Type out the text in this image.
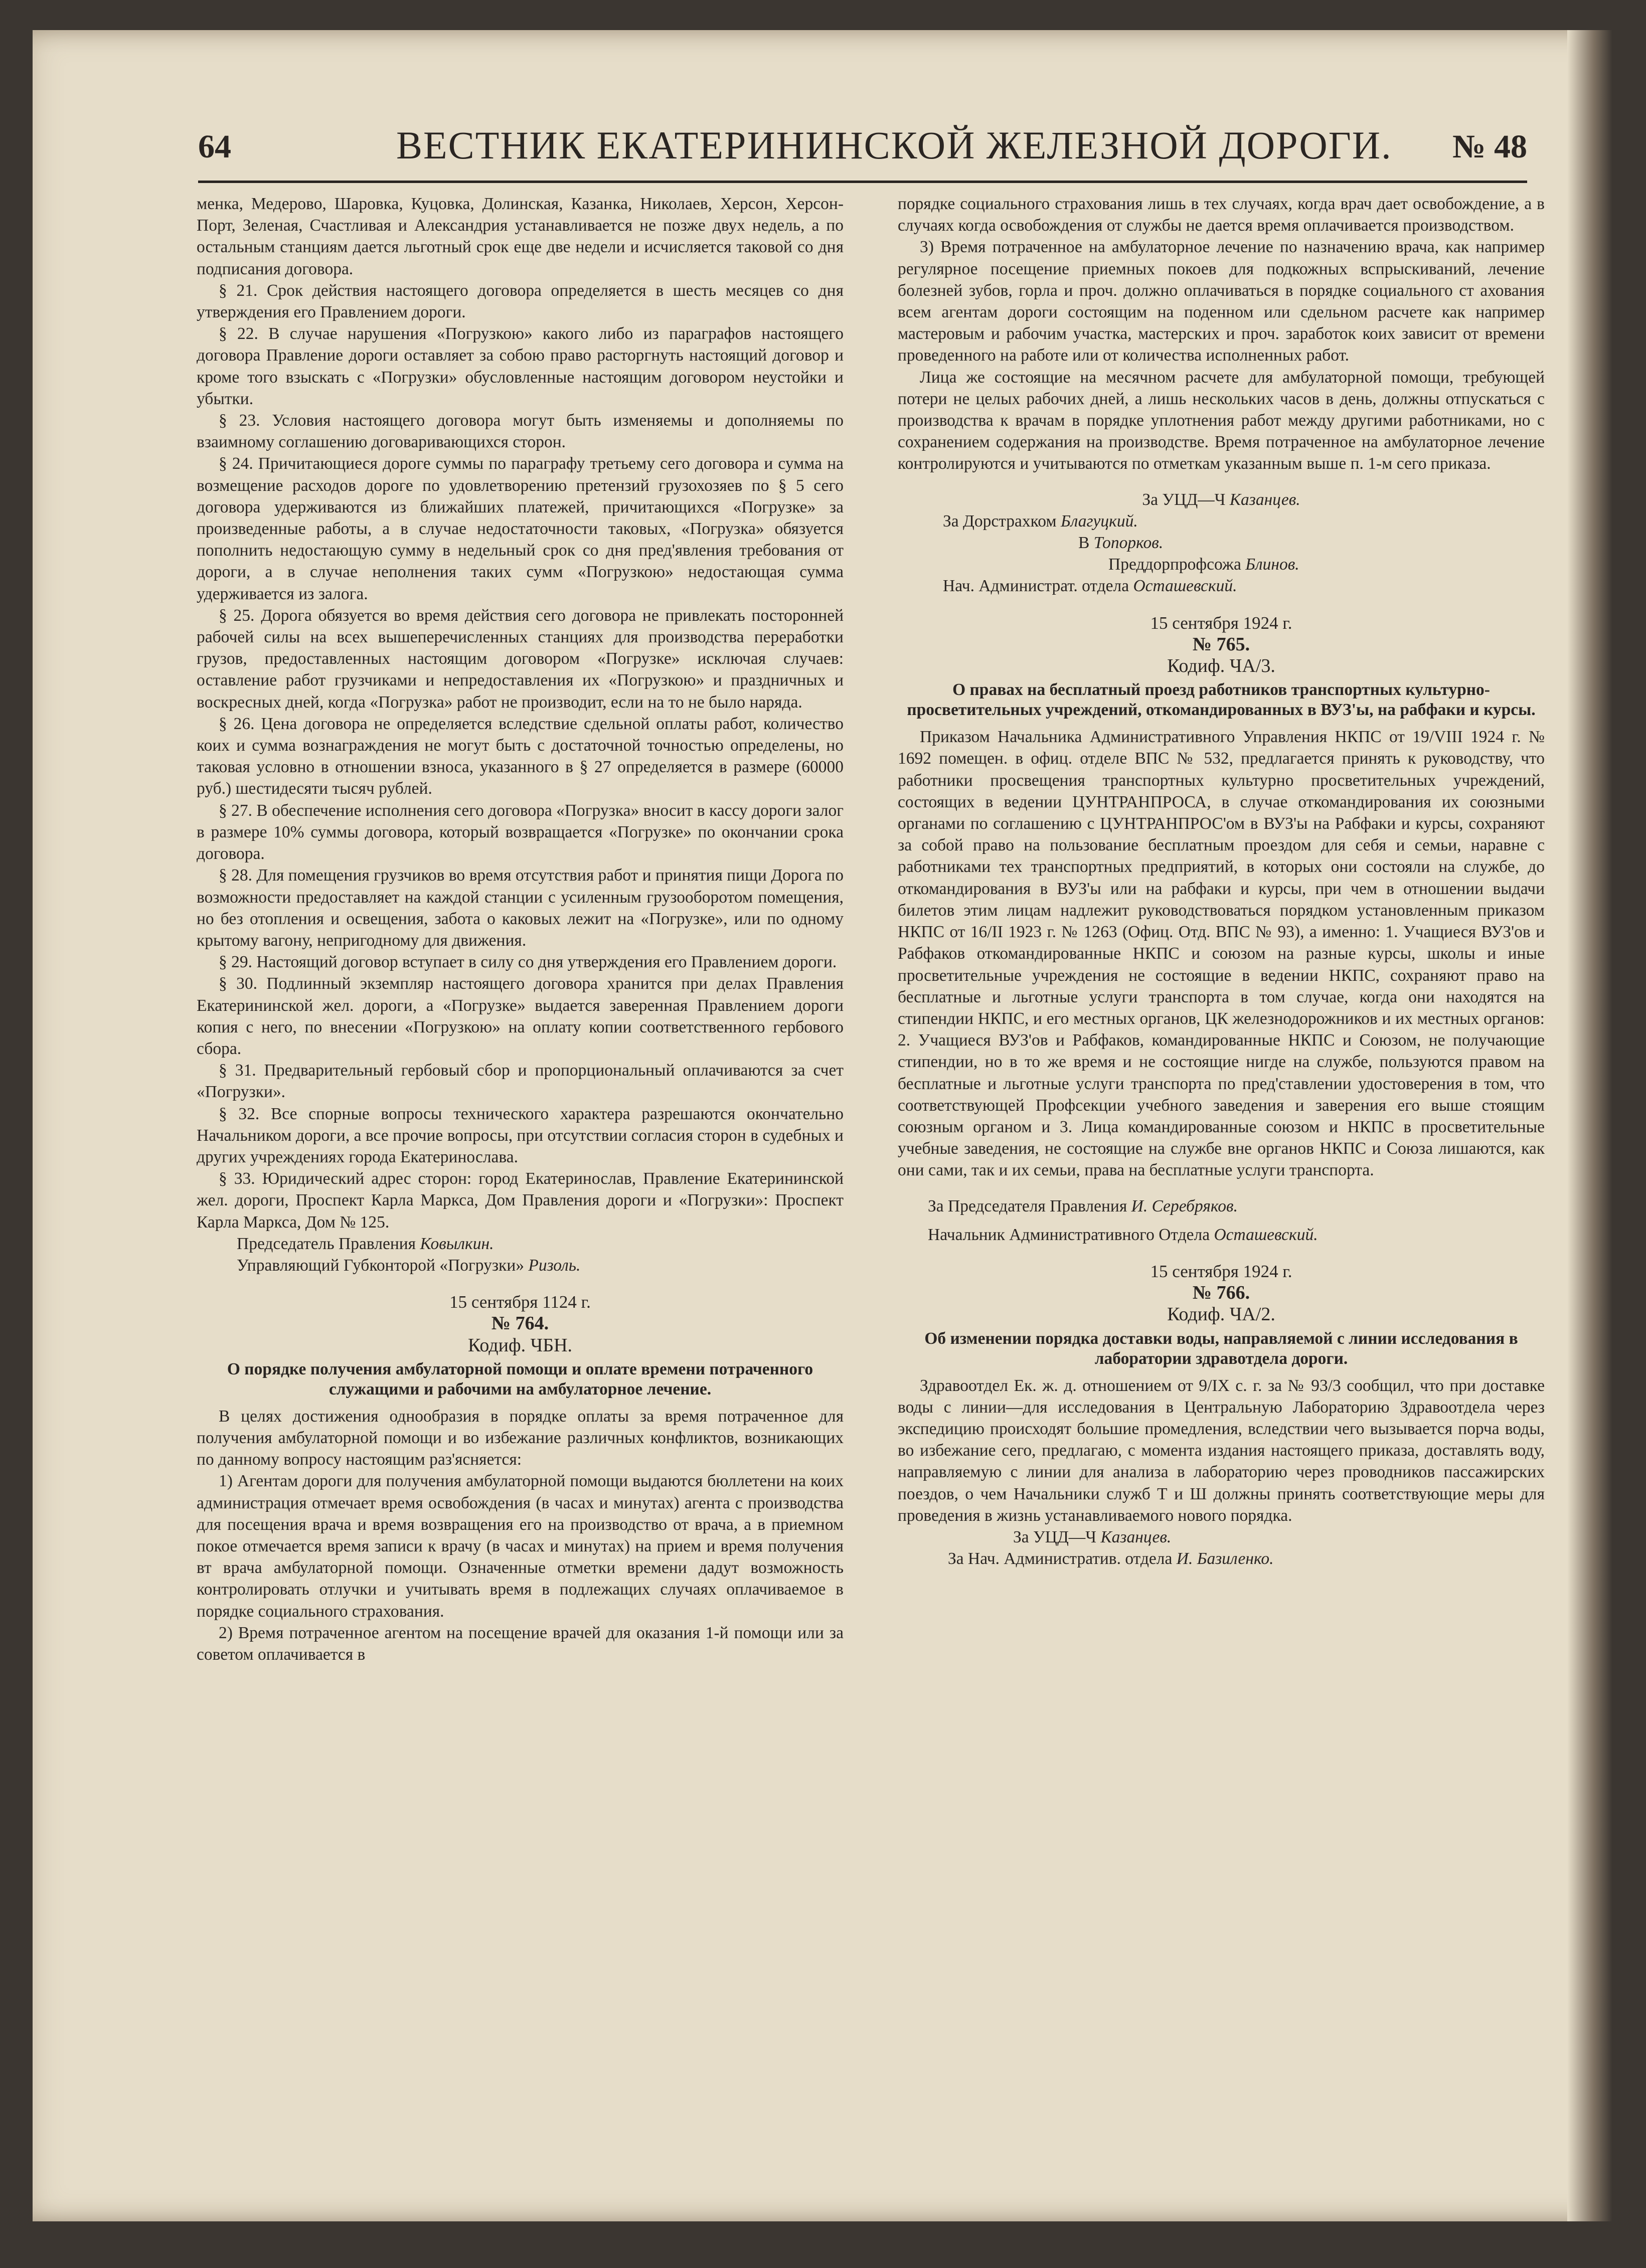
64	ВЕСТНИК ЕКАТЕРИНИНСКОЙ ЖЕЛЕЗНОЙ ДОРОГИ. № 48

менка, Медерово, Шаровка, Куцовка, Долинская, Казанка, Николаев, Херсон, Херсон-Порт, Зеленая, Счастливая и Александрия устанавливается не позже двух недель, а по остальным станциям дается льготный срок еще две недели и исчисляется таковой со дня подписания договора.

§ 21. Срок действия настоящего договора определяется в шесть месяцев со дня утверждения его Правлением дороги.

§ 22. В случае нарушения «Погрузкою» какого либо из параграфов настоящего договора Правление дороги оставляет за собою право расторгнуть настоящий договор и кроме того взыскать с «Погрузки» обусловленные настоящим договором неустойки и убытки.

§ 23. Условия настоящего договора могут быть изменяемы и дополняемы по взаимному соглашению договаривающихся сторон.

§ 24. Причитающиеся дороге суммы по параграфу третьему сего договора и сумма на возмещение расходов дороге по удовлетворению претензий грузохозяев по § 5 сего договора удерживаются из ближайших платежей, причитающихся «Погрузке» за произведенные работы, а в случае недостаточности таковых, «Погрузка» обязуется пополнить недостающую сумму в недельный срок со дня пред'явления требования от дороги, а в случае неполнения таких сумм «Погрузкою» недостающая сумма удерживается из залога.

§ 25. Дорога обязуется во время действия сего договора не привлекать посторонней рабочей силы на всех вышеперечисленных станциях для производства переработки грузов, предоставленных настоящим договором «Погрузке» исключая случаев: оставление работ грузчиками и непредоставления их «Погрузкою» и праздничных и воскресных дней, когда «Погрузка» работ не производит, если на то не было наряда.

§ 26. Цена договора не определяется вследствие сдельной оплаты работ, количество коих и сумма вознаграждения не могут быть с достаточной точностью определены, но таковая условно в отношении взноса, указанного в § 27 определяется в размере (60000 руб.) шестидесяти тысяч рублей.

§ 27. В обеспечение исполнения сего договора «Погрузка» вносит в кассу дороги залог в размере 10% суммы договора, который возвращается «Погрузке» по окончании срока договора.

§ 28. Для помещения грузчиков во время отсутствия работ и принятия пищи Дорога по возможности предоставляет на каждой станции с усиленным грузооборотом помещения, но без отопления и освещения, забота о каковых лежит на «Погрузке», или по одному крытому вагону, непригодному для движения.

§ 29. Настоящий договор вступает в силу со дня утверждения его Правлением дороги.

§ 30. Подлинный экземпляр настоящего договора хранится при делах Правления Екатерининской жел. дороги, а «Погрузке» выдается заверенная Правлением дороги копия с него, по внесении «Погрузкою» на оплату копии соответственного гербового сбора.

§ 31. Предварительный гербовый сбор и пропорциональный оплачиваются за счет «Погрузки».

§ 32. Все спорные вопросы технического характера разрешаются окончательно Начальником дороги, а все прочие вопросы, при отсутствии согласия сторон в судебных и других учреждениях города Екатеринослава.

§ 33. Юридический адрес сторон: город Екатеринослав, Правление Екатерининской жел. дороги, Проспект Карла Маркса, Дом Правления дороги и «Погрузки»: Проспект Карла Маркса, Дом № 125.

Председатель Правления Ковылкин.

Управляющий Губконторой «Погрузки» Ризоль.

15 сентября 1124 г.

№ 764.

Кодиф. ЧБН.

О порядке получения амбулаторной помощи и оплате времени потраченного служащими и рабочими на амбулаторное лечение.

В целях достижения однообразия в порядке оплаты за время потраченное для получения амбулаторной помощи и во избежание различных конфликтов, возникающих по данному вопросу настоящим раз'ясняется:

1) Агентам дороги для получения амбулаторной помощи выдаются бюллетени на коих администрация отмечает время освобождения (в часах и минутах) агента с производства для посещения врача и время возвращения его на производство от врача, а в приемном покое отмечается время записи к врачу (в часах и минутах) на прием и время получения вт врача амбулаторной помощи. Означенные отметки времени дадут возможность контролировать отлучки и учитывать время в подлежащих случаях оплачиваемое в порядке социального страхования.

2) Время потраченное агентом на посещение врачей для оказания 1-й помощи или за советом оплачивается в

порядке социального страхования лишь в тех случаях, когда врач дает освобождение, а в случаях когда освобождения от службы не дается время оплачивается производством.

3) Время потраченное на амбулаторное лечение по назначению врача, как например регулярное посещение приемных покоев для подкожных вспрыскиваний, лечение болезней зубов, горла и проч. должно оплачиваться в порядке социального ст ахования всем агентам дороги состоящим на поденном или сдельном расчете как например мастеровым и рабочим участка, мастерских и проч. заработок коих зависит от времени проведенного на работе или от количества исполненных работ.

Лица же состоящие на месячном расчете для амбулаторной помощи, требующей потери не целых рабочих дней, а лишь нескольких часов в день, должны отпускаться с производства к врачам в порядке уплотнения работ между другими работниками, но с сохранением содержания на производстве. Время потраченное на амбулаторное лечение контролируются и учитываются по отметкам указанным выше п. 1-м сего приказа.

За УЦД—Ч Казанцев.

За Дорстрахком Благуцкий.

В Топорков.

Преддорпрофсожа Блинов.

Нач. Администрат. отдела Осташевский.

15 сентября 1924 г.

№ 765.

Кодиф. ЧА/3.

О правах на бесплатный проезд работников транспортных культурно-просветительных учреждений, откомандированных в ВУЗ'ы, на рабфаки и курсы.

Приказом Начальника Административного Управления НКПС от 19/VIII 1924 г. № 1692 помещен. в офиц. отделе ВПС № 532, предлагается принять к руководству, что работники просвещения транспортных культурно просветительных учреждений, состоящих в ведении ЦУНТРАНПРОСА, в случае откомандирования их союзными органами по соглашению с ЦУНТРАНПРОС'ом в ВУЗ'ы на Рабфаки и курсы, сохраняют за собой право на пользование бесплатным проездом для себя и семьи, наравне с работниками тех транспортных предприятий, в которых они состояли на службе, до откомандирования в ВУЗ'ы или на рабфаки и курсы, при чем в отношении выдачи билетов этим лицам надлежит руководствоваться порядком установленным приказом НКПС от 16/II 1923 г. № 1263 (Офиц. Отд. ВПС № 93), а именно: 1. Учащиеся ВУЗ'ов и Рабфаков откомандированные НКПС и союзом на разные курсы, школы и иные просветительные учреждения не состоящие в ведении НКПС, сохраняют право на бесплатные и льготные услуги транспорта в том случае, когда они находятся на стипендии НКПС, и его местных органов, ЦК железнодорожников и их местных органов: 2. Учащиеся ВУЗ'ов и Рабфаков, командированные НКПС и Союзом, не получающие стипендии, но в то же время и не состоящие нигде на службе, пользуются правом на бесплатные и льготные услуги транспорта по пред'ставлении удостоверения в том, что соответствующей Профсекции учебного заведения и заверения его выше стоящим союзным органом и 3. Лица командированные союзом и НКПС в просветительные учебные заведения, не состоящие на службе вне органов НКПС и Союза лишаются, как они сами, так и их семьи, права на бесплатные услуги транспорта.

За Председателя Правления И. Серебряков.

Начальник Административного Отдела Осташевский.

15 сентября 1924 г.

№ 766.

Кодиф. ЧА/2.

Об изменении порядка доставки воды, направляемой с линии исследования в лаборатории здравотдела дороги.

Здравоотдел Ек. ж. д. отношением от 9/IX с. г. за № 93/3 сообщил, что при доставке воды с линии—для исследования в Центральную Лабораторию Здравоотдела через экспедицию происходят большие промедления, вследствии чего вызывается порча воды, во избежание сего, предлагаю, с момента издания настоящего приказа, доставлять воду, направляемую с линии для анализа в лабораторию через проводников пассажирских поездов, о чем Начальники служб Т и Ш должны принять соответствующие меры для проведения в жизнь устанавливаемого нового порядка.

За УЦД—Ч Казанцев.

За Нач. Административ. отдела И. Базиленко.
